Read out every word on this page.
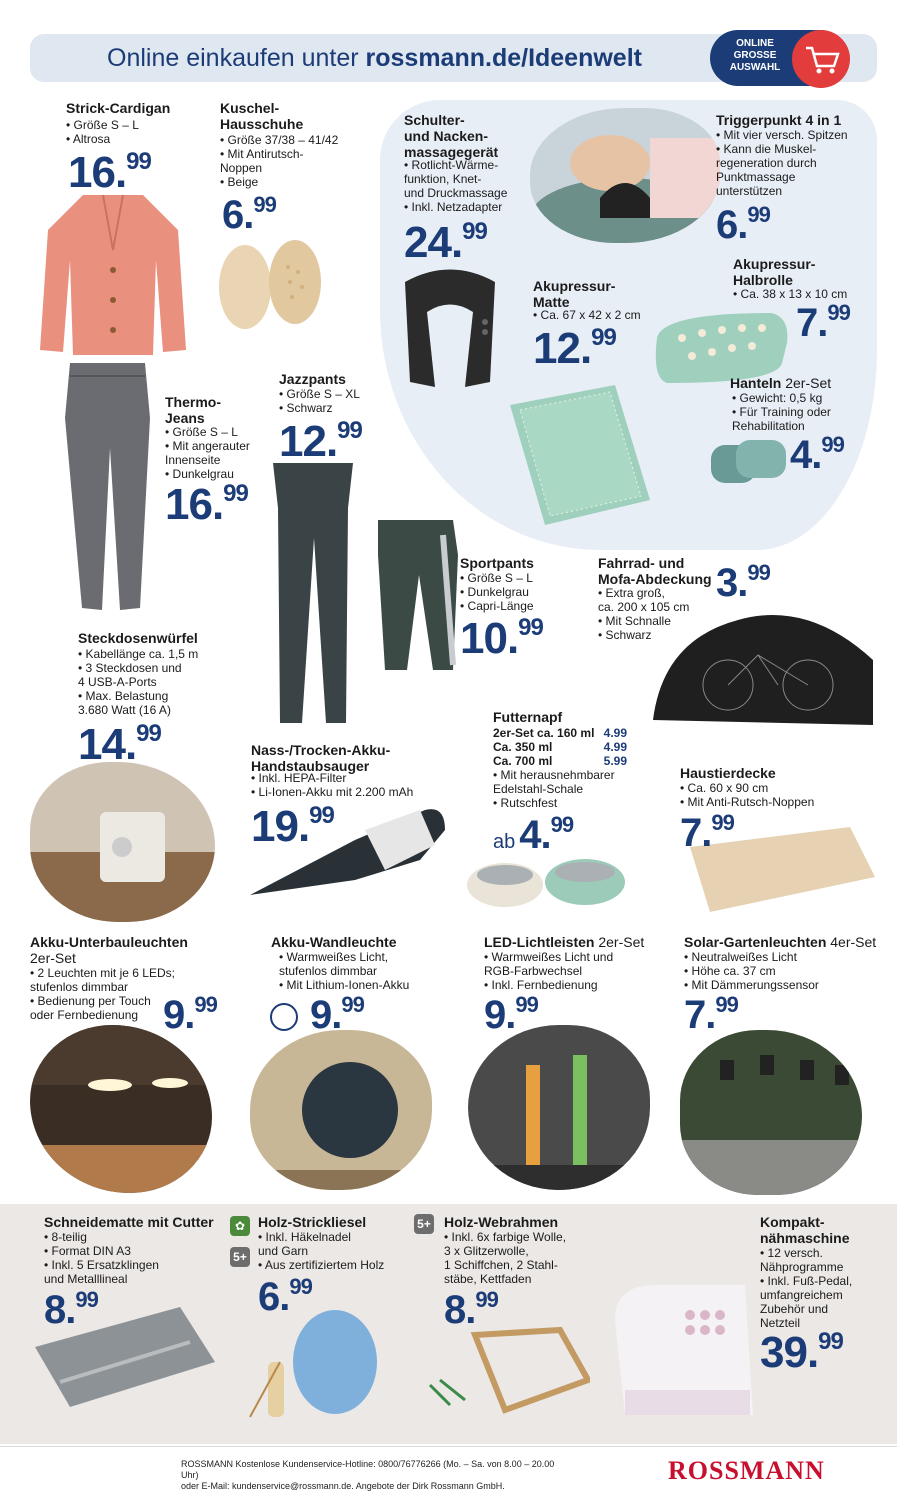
Online einkaufen unter rossmann.de/Ideenwelt
ONLINE
GROSSE
AUSWAHL
Strick-Cardigan
• Größe S – L
• Altrosa
16.99
Kuschel-
Hausschuhe
• Größe 37/38 – 41/42
• Mit Antirutsch-
Noppen
• Beige
6.99
Schulter-
und Nacken-
massagegerät
• Rotlicht-Wärme-
funktion, Knet-
und Druckmassage
• Inkl. Netzadapter
24.99
Triggerpunkt 4 in 1
• Mit vier versch. Spitzen
• Kann die Muskel-
regeneration durch
Punktmassage
unterstützen
6.99
Akupressur-
Halbrolle
• Ca. 38 x 13 x 10 cm
7.99
Akupressur-
Matte
• Ca. 67 x 42 x 2 cm
12.99
Hanteln 2er-Set
• Gewicht: 0,5 kg
• Für Training oder
Rehabilitation
4.99
Thermo-
Jeans
• Größe S – L
• Mit angerauter
Innenseite
• Dunkelgrau
16.99
Jazzpants
• Größe S – XL
• Schwarz
12.99
Sportpants
• Größe S – L
• Dunkelgrau
• Capri-Länge
10.99
Fahrrad- und
Mofa-Abdeckung
• Extra groß,
ca. 200 x 105 cm
• Mit Schnalle
• Schwarz
3.99
Steckdosenwürfel
• Kabellänge ca. 1,5 m
• 3 Steckdosen und
4 USB-A-Ports
• Max. Belastung
3.680 Watt (16 A)
14.99
Nass-/Trocken-Akku-
Handstaubsauger
• Inkl. HEPA-Filter
• Li-Ionen-Akku mit 2.200 mAh
19.99
Futternapf
• Mit herausnehmbarer
Edelstahl-Schale
• Rutschfest
ab 4.99
2er-Set ca. 160 ml 4.99
Ca. 350 ml	4.99
Ca. 700 ml	5.99
Haustierdecke
• Ca. 60 x 90 cm
• Mit Anti-Rutsch-Noppen
7.99
Akku-Unterbauleuchten
2er-Set
• 2 Leuchten mit je 6 LEDs;
stufenlos dimmbar
• Bedienung per Touch
oder Fernbedienung 9.99
Akku-Wandleuchte
• Warmweißes Licht,
stufenlos dimmbar
• Mit Lithium-Ionen-Akku
9.99
LED-Lichtleisten 2er-Set
• Warmweißes Licht und
RGB-Farbwechsel
• Inkl. Fernbedienung
9.99
Solar-Gartenleuchten 4er-Set
• Neutralweißes Licht
• Höhe ca. 37 cm
• Mit Dämmerungssensor
7.99
Schneidematte mit Cutter
• 8-teilig
• Format DIN A3
• Inkl. 5 Ersatzklingen
und Metalllineal
8.99
Holz-Strickliesel
• Inkl. Häkelnadel
und Garn
• Aus zertifiziertem Holz
6.99
5+
Holz-Webrahmen
• Inkl. 6x farbige Wolle,
3 x Glitzerwolle,
1 Schiffchen, 2 Stahl-
stäbe, Kettfaden
8.99
5+	Kompakt-
nähmaschine
• 12 versch.
Nähprogramme
• Inkl. Fuß-Pedal,
umfangreichem
Zubehör und
Netzteil
39.99
✿
ROSSMANN Kostenlose Kundenservice-Hotline: 0800/76776266 (Mo. – Sa. von 8.00 – 20.00 Uhr)
oder E-Mail: kundenservice@rossmann.de. Angebote der Dirk Rossmann GmbH.
ROSSMANN
